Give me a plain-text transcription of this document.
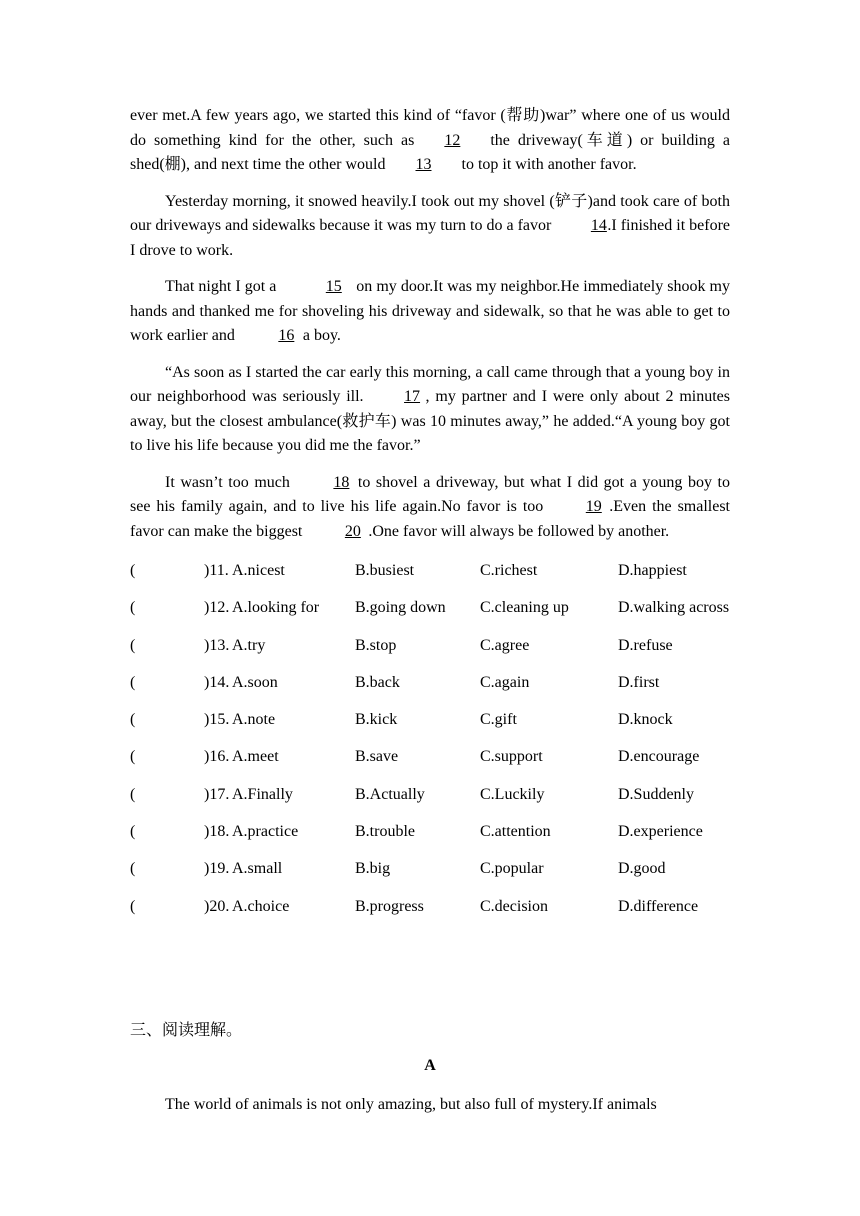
ever met.A few years ago, we started this kind of “favor (帮助)war” where one of us would do something kind for the other, such as 12 the driveway(车道) or building a shed(棚), and next time the other would 13 to top it with another favor.

Yesterday morning, it snowed heavily.I took out my shovel (铲子)and took care of both our driveways and sidewalks because it was my turn to do a favor 14.I finished it before I drove to work.

That night I got a	15 on my door.It was my neighbor.He immediately shook my hands and thanked me for shoveling his driveway and sidewalk, so that he was able to get to work earlier and	16 a boy.

“As soon as I started the car early this morning, a call came through that a young boy in our neighborhood was seriously ill.	17 , my partner and I were only about 2 minutes away, but the closest ambulance(救护车) was 10 minutes away,” he added.“A young boy got to live his life because you did me the favor.”

It wasn’t too much	18 to shovel a driveway, but what I did got a young boy to see his family again, and to live his life again.No favor is too	19 .Even the smallest favor can make the biggest	20 .One favor will always be followed by another.

(	)11. A.nicest	B.busiest	C.richest	D.happiest
(	)12. A.looking for B.going down C.cleaning up	D.walking across
(	)13. A.try	B.stop	C.agree	D.refuse
(	)14. A.soon	B.back	C.again	D.first
(	)15. A.note	B.kick	C.gift	D.knock
(	)16. A.meet	B.save	C.support	D.encourage
(	)17. A.Finally	B.Actually	C.Luckily	D.Suddenly
(	)18. A.practice	B.trouble	C.attention	D.experience
(	)19. A.small	B.big	C.popular	D.good
(	)20. A.choice	B.progress	C.decision	D.difference
三、阅读理解。
A

The world of animals is not only amazing, but also full of mystery.If animals
